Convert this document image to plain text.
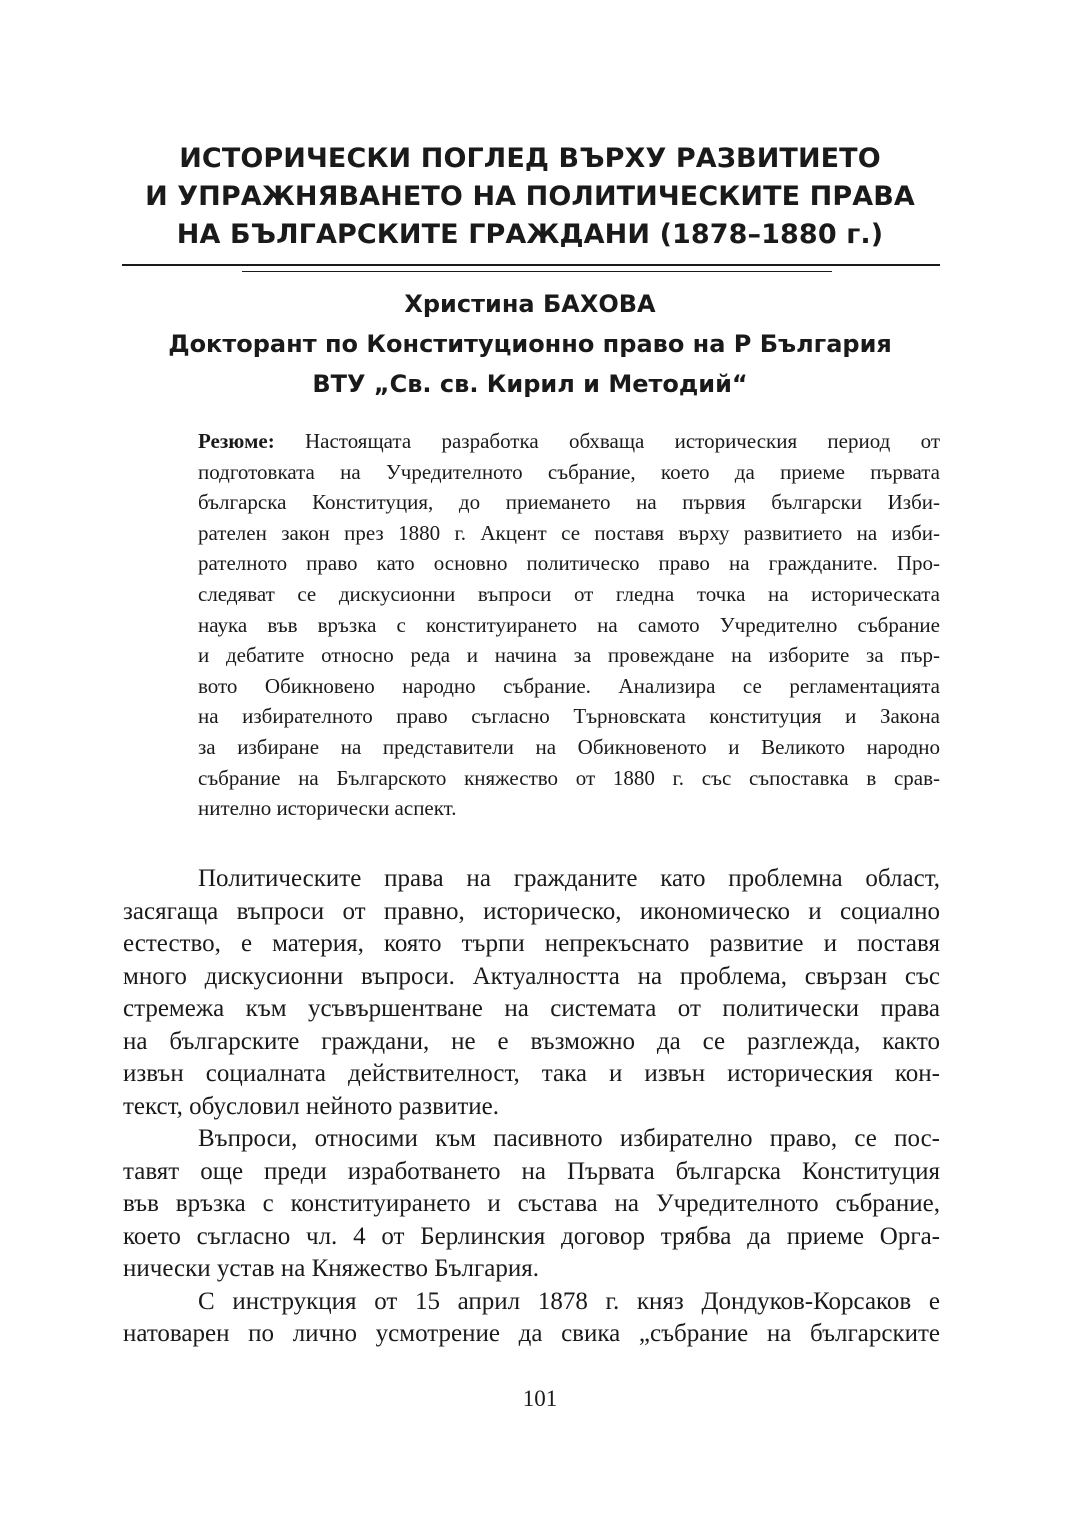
ИСТОРИЧЕСКИ ПОГЛЕД ВЪРХУ РАЗВИТИЕТО
И УПРАЖНЯВАНЕТО НА ПОЛИТИЧЕСКИТЕ ПРАВА
НА БЪЛГАРСКИТЕ ГРАЖДАНИ (1878–1880 г.)
Христина БАХОВА
Докторант по Конституционно право на Р България
ВТУ „Св. св. Кирил и Методий“
Резюме: Настоящата разработка обхваща историческия период от
подготовката на Учредителното събрание, което да приеме първата
българска Конституция, до приемането на първия български Изби-
рателен закон през 1880 г. Акцент се поставя върху развитието на изби-
рателното право като основно политическо право на гражданите. Про-
следяват се дискусионни въпроси от гледна точка на историческата
наука във връзка с конституирането на самото Учредително събрание
и дебатите относно реда и начина за провеждане на изборите за пър-
вото Обикновено народно събрание. Анализира се регламентацията
на избирателното право съгласно Търновската конституция и Закона
за избиране на представители на Обикновеното и Великото народно
събрание на Българското княжество от 1880 г. със съпоставка в срав-
нително исторически аспект.
Политическите права на гражданите като проблемна област,
засягаща въпроси от правно, историческо, икономическо и социално
естество, е материя, която търпи непрекъснато развитие и поставя
много дискусионни въпроси. Актуалността на проблема, свързан със
стремежа към усъвършентване на системата от политически права
на българските граждани, не е възможно да се разглежда, както
извън социалната действителност, така и извън историческия кон-
текст, обусловил нейното развитие.
Въпроси, относими към пасивното избирателно право, се пос-
тавят още преди изработването на Първата българска Конституция
във връзка с конституирането и състава на Учредителното събрание,
което съгласно чл. 4 от Берлинския договор трябва да приеме Орга-
нически устав на Княжество България.
С инструкция от 15 април 1878 г. княз Дондуков-Корсаков е
натоварен по лично усмотрение да свика „събрание на българските
101
